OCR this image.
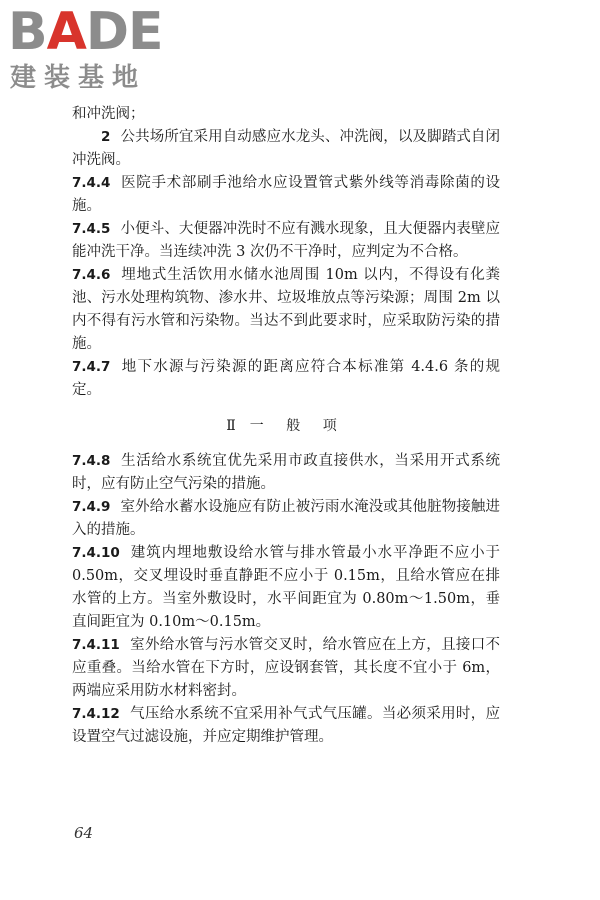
BADE
建装基地

和冲洗阀；

2 公共场所宜采用自动感应水龙头、冲洗阀，以及脚踏式自闭冲洗阀。

7.4.4 医院手术部刷手池给水应设置管式紫外线等消毒除菌的设施。

7.4.5 小便斗、大便器冲洗时不应有溅水现象，且大便器内表壁应能冲洗干净。当连续冲洗 3 次仍不干净时，应判定为不合格。

7.4.6 埋地式生活饮用水储水池周围 10m 以内，不得设有化粪池、污水处理构筑物、渗水井、垃圾堆放点等污染源；周围 2m 以内不得有污水管和污染物。当达不到此要求时，应采取防污染的措施。

7.4.7 地下水源与污染源的距离应符合本标准第 4.4.6 条的规定。

Ⅱ 一 般 项

7.4.8 生活给水系统宜优先采用市政直接供水，当采用开式系统时，应有防止空气污染的措施。

7.4.9 室外给水蓄水设施应有防止被污雨水淹没或其他脏物接触进入的措施。

7.4.10 建筑内埋地敷设给水管与排水管最小水平净距不应小于 0.50m，交叉埋设时垂直静距不应小于 0.15m，且给水管应在排水管的上方。当室外敷设时，水平间距宜为 0.80m～1.50m，垂直间距宜为 0.10m～0.15m。

7.4.11 室外给水管与污水管交叉时，给水管应在上方，且接口不应重叠。当给水管在下方时，应设钢套管，其长度不宜小于 6m，两端应采用防水材料密封。

7.4.12 气压给水系统不宜采用补气式气压罐。当必须采用时，应设置空气过滤设施，并应定期维护管理。

64
